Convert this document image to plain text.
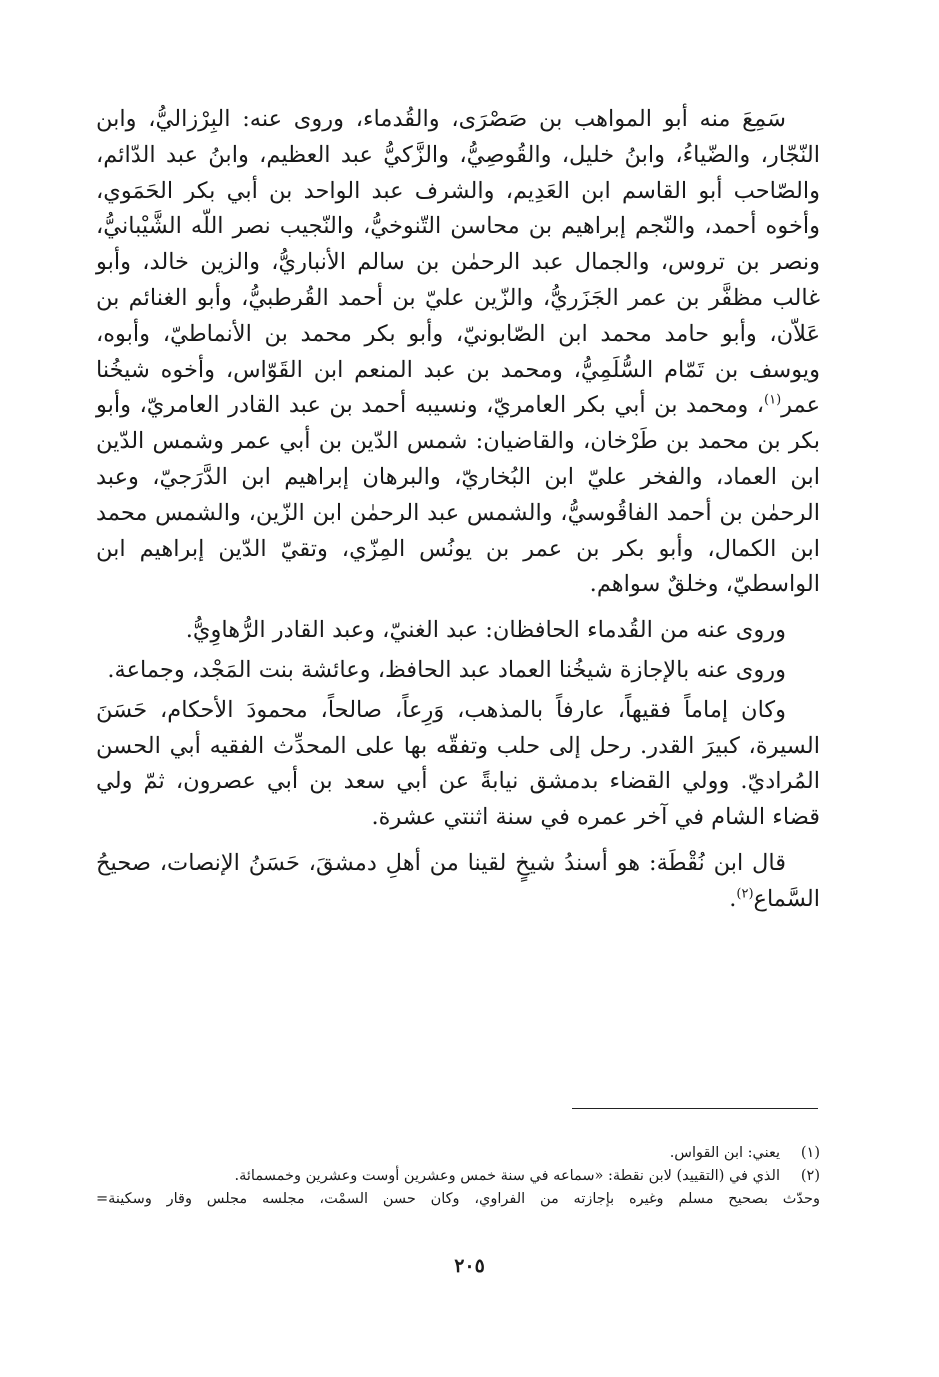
سَمِعَ منه أبو المواهب بن صَصْرَى، والقُدماء، وروى عنه: البِرْزاليُّ، وابن النّجّار، والضّياءُ، وابنُ خليل، والقُوصِيُّ، والزَّكيُّ عبد العظيم، وابنُ عبد الدّائم، والصّاحب أبو القاسم ابن العَدِيم، والشرف عبد الواحد بن أبي بكر الحَمَوي، وأخوه أحمد، والنّجم إبراهيم بن محاسن التّنوخيُّ، والنّجيب نصر اللّه الشَّيْبانيُّ، ونصر بن تروس، والجمال عبد الرحمٰن بن سالم الأنباريُّ، والزين خالد، وأبو غالب مظفَّر بن عمر الجَزَريُّ، والزّين عليّ بن أحمد القُرطبيُّ، وأبو الغنائم بن عَلاّن، وأبو حامد محمد ابن الصّابونيّ، وأبو بكر محمد بن الأنماطيّ، وأبوه، ويوسف بن تَمّام السُّلَمِيُّ، ومحمد بن عبد المنعم ابن القَوّاس، وأخوه شيخُنا عمر$^{(١)}$، ومحمد بن أبي بكر العامريّ، ونسيبه أحمد بن عبد القادر العامريّ، وأبو بكر بن محمد بن طَرْخان، والقاضيان: شمس الدّين بن أبي عمر وشمس الدّين ابن العماد، والفخر عليّ ابن البُخاريّ، والبرهان إبراهيم ابن الدَّرَجيّ، وعبد الرحمٰن بن أحمد الفاقُوسيُّ، والشمس عبد الرحمٰن ابن الزّين، والشمس محمد ابن الكمال، وأبو بكر بن عمر بن يونُس المِزّي، وتقيّ الدّين إبراهيم ابن الواسطيّ، وخلقٌ سواهم.

وروى عنه من القُدماء الحافظان: عبد الغنيّ، وعبد القادر الرُّهاوِيُّ.

وروى عنه بالإجازة شيخُنا العماد عبد الحافظ، وعائشة بنت المَجْد، وجماعة.

وكان إماماً فقيهاً، عارفاً بالمذهب، وَرِعاً، صالحاً، محمودَ الأحكام، حَسَنَ السيرة، كبيرَ القدر. رحل إلى حلب وتفقّه بها على المحدِّث الفقيه أبي الحسن المُراديّ. وولي القضاء بدمشق نيابةً عن أبي سعد بن أبي عصرون، ثمّ ولي قضاء الشام في آخر عمره في سنة اثنتي عشرة.

قال ابن نُقْطَة: هو أسندُ شيخٍ لقينا من أهلِ دمشقَ، حَسَنُ الإنصات، صحيحُ السَّماع$^{(٢)}$.

(١)
يعني: ابن القواس.
(٢)
الذي في (التقييد) لابن نقطة: «سماعه في سنة خمس وعشرين أوست وعشرين وخمسمائة.
وحدّث بصحيح مسلم وغيره بإجازته من الفراوي، وكان حسن السمْت، مجلسه مجلس وقار وسكينة=
٢٠٥
